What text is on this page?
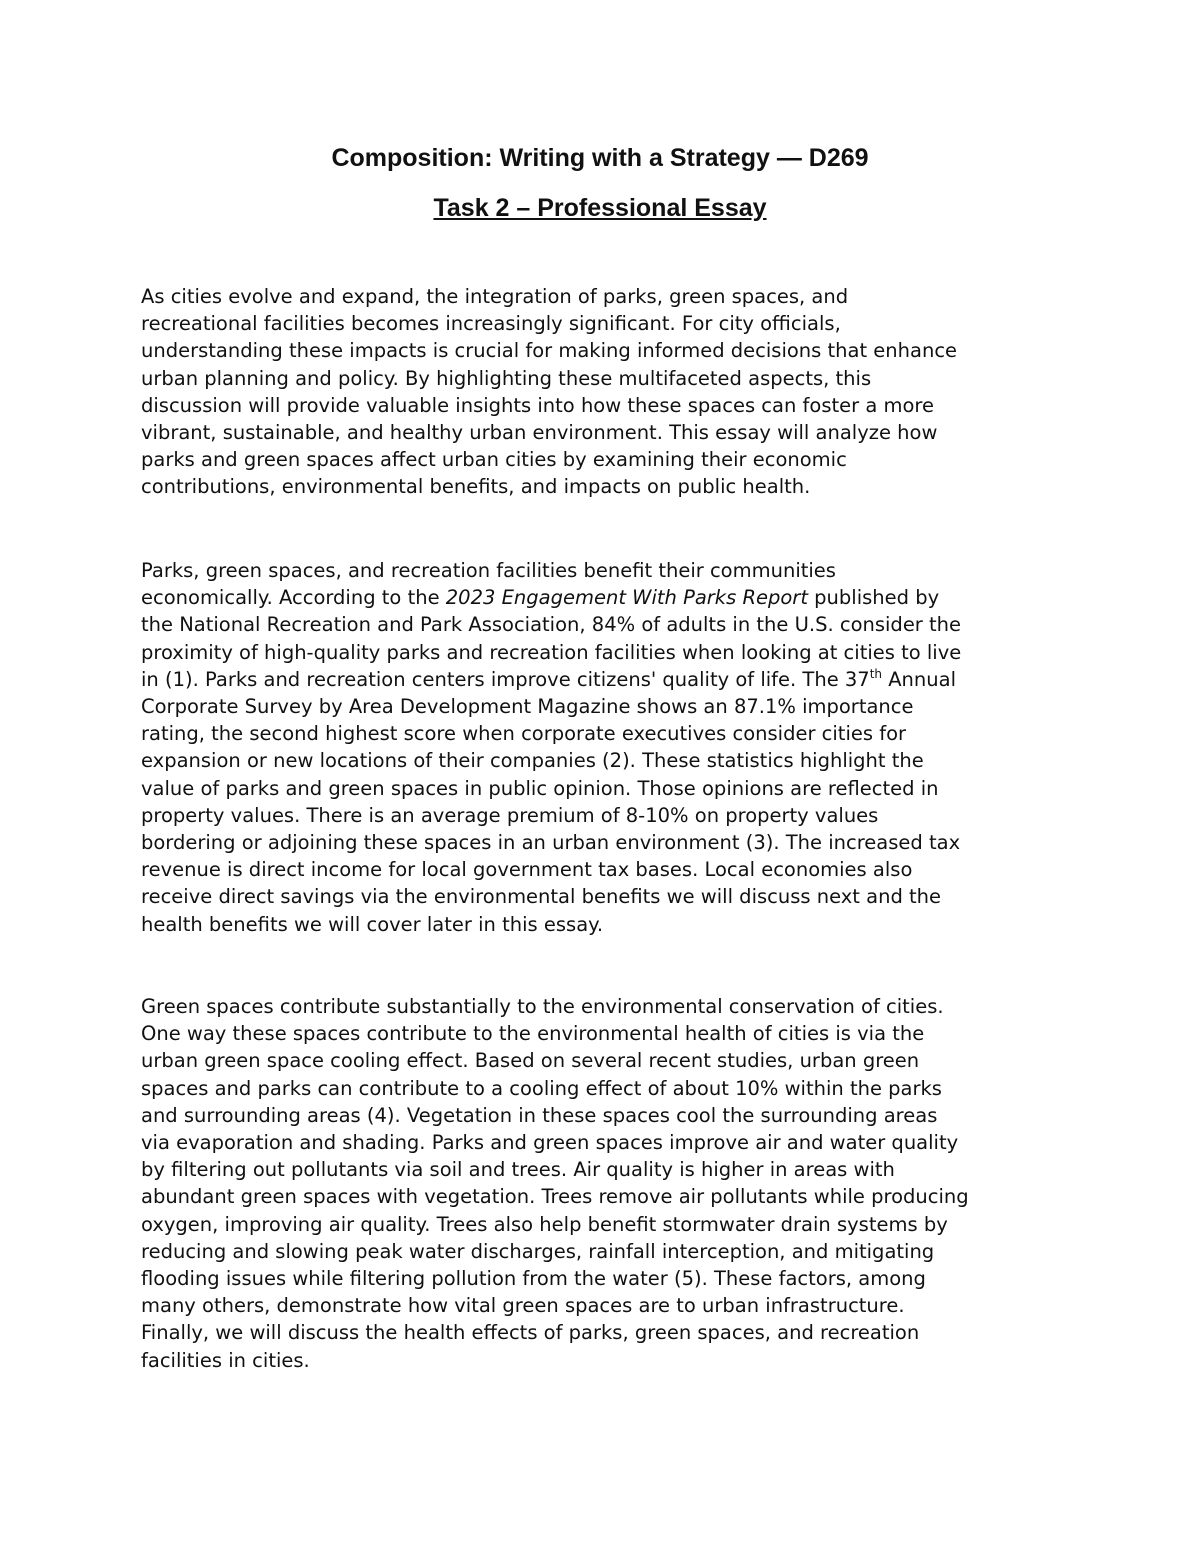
Composition: Writing with a Strategy — D269
Task 2 – Professional Essay
As cities evolve and expand, the integration of parks, green spaces, and
recreational facilities becomes increasingly significant. For city officials,
understanding these impacts is crucial for making informed decisions that enhance
urban planning and policy. By highlighting these multifaceted aspects, this
discussion will provide valuable insights into how these spaces can foster a more
vibrant, sustainable, and healthy urban environment. This essay will analyze how
parks and green spaces affect urban cities by examining their economic
contributions, environmental benefits, and impacts on public health.
Parks, green spaces, and recreation facilities benefit their communities
economically. According to the 2023 Engagement With Parks Report published by
the National Recreation and Park Association, 84% of adults in the U.S. consider the
proximity of high-quality parks and recreation facilities when looking at cities to live
in (1). Parks and recreation centers improve citizens' quality of life. The 37th Annual
Corporate Survey by Area Development Magazine shows an 87.1% importance
rating, the second highest score when corporate executives consider cities for
expansion or new locations of their companies (2). These statistics highlight the
value of parks and green spaces in public opinion. Those opinions are reflected in
property values. There is an average premium of 8-10% on property values
bordering or adjoining these spaces in an urban environment (3). The increased tax
revenue is direct income for local government tax bases. Local economies also
receive direct savings via the environmental benefits we will discuss next and the
health benefits we will cover later in this essay.
Green spaces contribute substantially to the environmental conservation of cities.
One way these spaces contribute to the environmental health of cities is via the
urban green space cooling effect. Based on several recent studies, urban green
spaces and parks can contribute to a cooling effect of about 10% within the parks
and surrounding areas (4). Vegetation in these spaces cool the surrounding areas
via evaporation and shading. Parks and green spaces improve air and water quality
by filtering out pollutants via soil and trees. Air quality is higher in areas with
abundant green spaces with vegetation. Trees remove air pollutants while producing
oxygen, improving air quality. Trees also help benefit stormwater drain systems by
reducing and slowing peak water discharges, rainfall interception, and mitigating
flooding issues while filtering pollution from the water (5). These factors, among
many others, demonstrate how vital green spaces are to urban infrastructure.
Finally, we will discuss the health effects of parks, green spaces, and recreation
facilities in cities.
